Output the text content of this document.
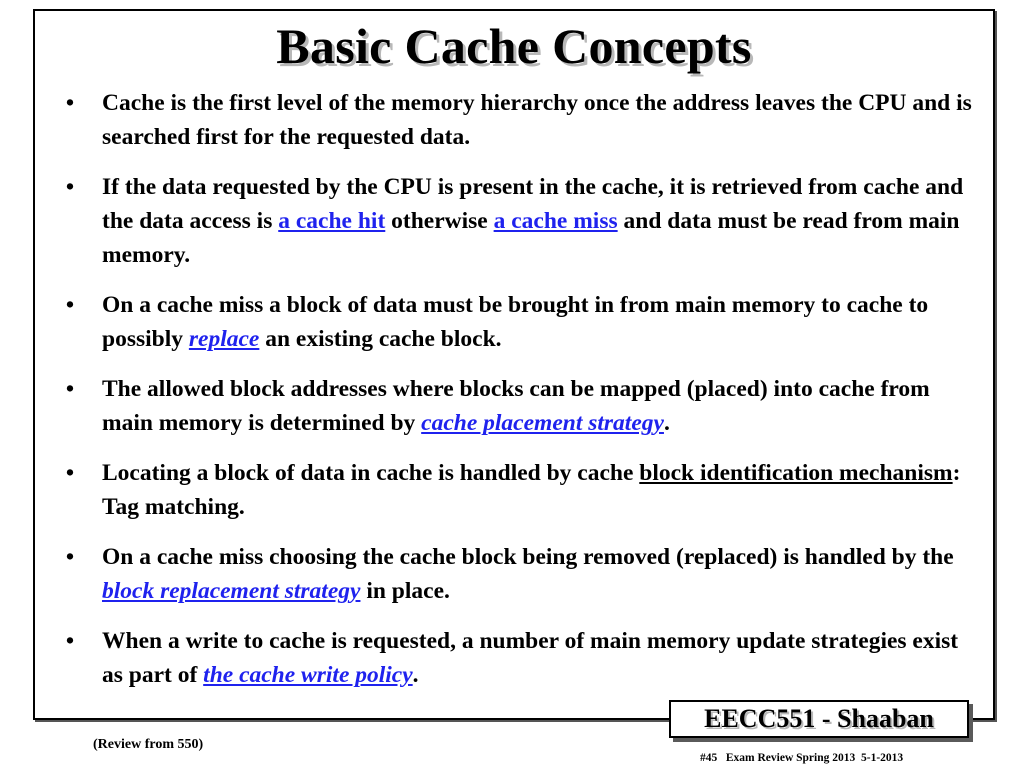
Basic Cache Concepts
• Cache is the first level of the memory hierarchy once the address leaves the CPU and is searched first for the requested data.
• If the data requested by the CPU is present in the cache, it is retrieved from cache and the data access is a cache hit otherwise a cache miss and data must be read from main memory.
• On a cache miss a block of data must be brought in from main memory to cache to possibly replace an existing cache block.
• The allowed block addresses where blocks can be mapped (placed) into cache from main memory is determined by cache placement strategy.
• Locating a block of data in cache is handled by cache block identification mechanism: Tag matching.
• On a cache miss choosing the cache block being removed (replaced) is handled by the block replacement strategy in place.
• When a write to cache is requested, a number of main memory update strategies exist as part of the cache write policy.
EECC551 - Shaaban
(Review from 550)
#45   Exam Review Spring 2013  5-1-2013
